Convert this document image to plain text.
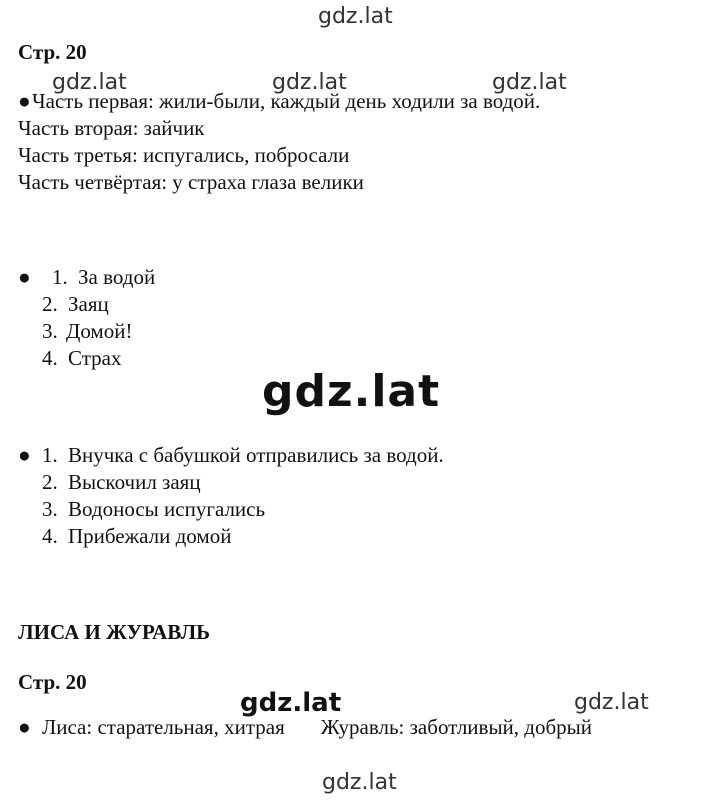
gdz.lat
gdz.lat	gdz.lat	gdz.lat
gdz.lat
gdz.lat	gdz.lat
gdz.lat
Стр. 20
●Часть первая: жили-были, каждый день ходили за водой.
Часть вторая: зайчик
Часть третья: испугались, побросали
Часть четвёртая: у страха глаза велики
● 1. За водой
2. Заяц
3. Домой!
4. Страх
● 1. Внучка с бабушкой отправились за водой.
2. Выскочил заяц
3. Водоносы испугались
4. Прибежали домой
ЛИСА И ЖУРАВЛЬ
Стр. 20
● Лиса: старательная, хитрая Журавль: заботливый, добрый
